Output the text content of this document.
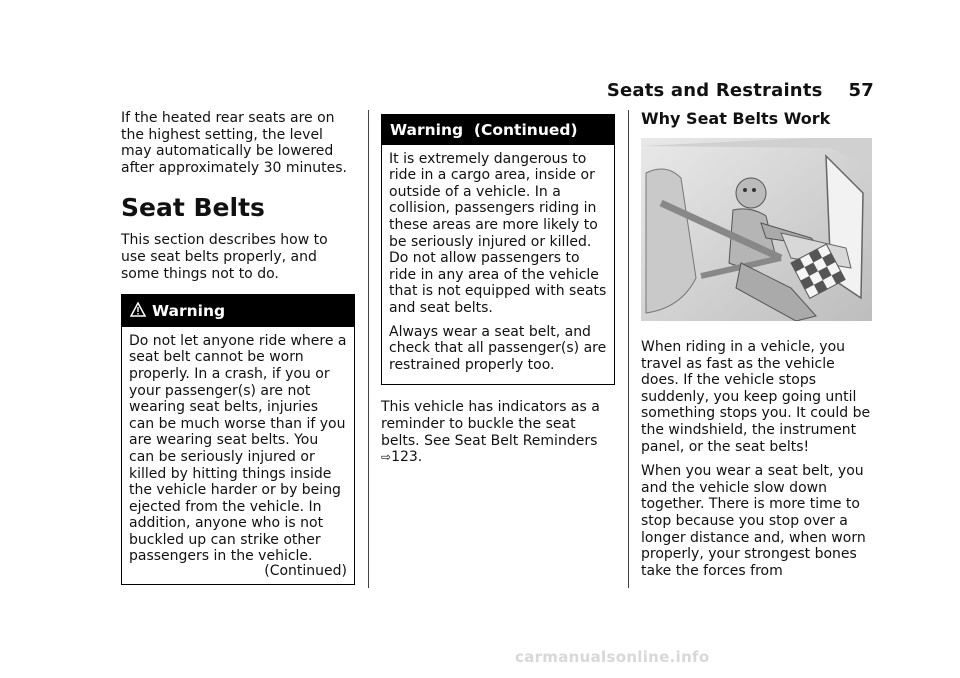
Seats and Restraints 57

If the heated rear seats are on the highest setting, the level may automatically be lowered after approximately 30 minutes.

Seat Belts

This section describes how to use seat belts properly, and some things not to do.

Warning

Do not let anyone ride where a seat belt cannot be worn properly. In a crash, if you or your passenger(s) are not wearing seat belts, injuries can be much worse than if you are wearing seat belts. You can be seriously injured or killed by hitting things inside the vehicle harder or by being ejected from the vehicle. In addition, anyone who is not buckled up can strike other passengers in the vehicle.

(Continued)
Warning  (Continued)

It is extremely dangerous to ride in a cargo area, inside or outside of a vehicle. In a collision, passengers riding in these areas are more likely to be seriously injured or killed. Do not allow passengers to ride in any area of the vehicle that is not equipped with seats and seat belts.

Always wear a seat belt, and check that all passenger(s) are restrained properly too.

This vehicle has indicators as a reminder to buckle the seat belts. See Seat Belt Reminders ⇨123.

Why Seat Belts Work

When riding in a vehicle, you travel as fast as the vehicle does. If the vehicle stops suddenly, you keep going until something stops you. It could be the windshield, the instrument panel, or the seat belts!

When you wear a seat belt, you and the vehicle slow down together. There is more time to stop because you stop over a longer distance and, when worn properly, your strongest bones take the forces from

carmanualsonline.info
